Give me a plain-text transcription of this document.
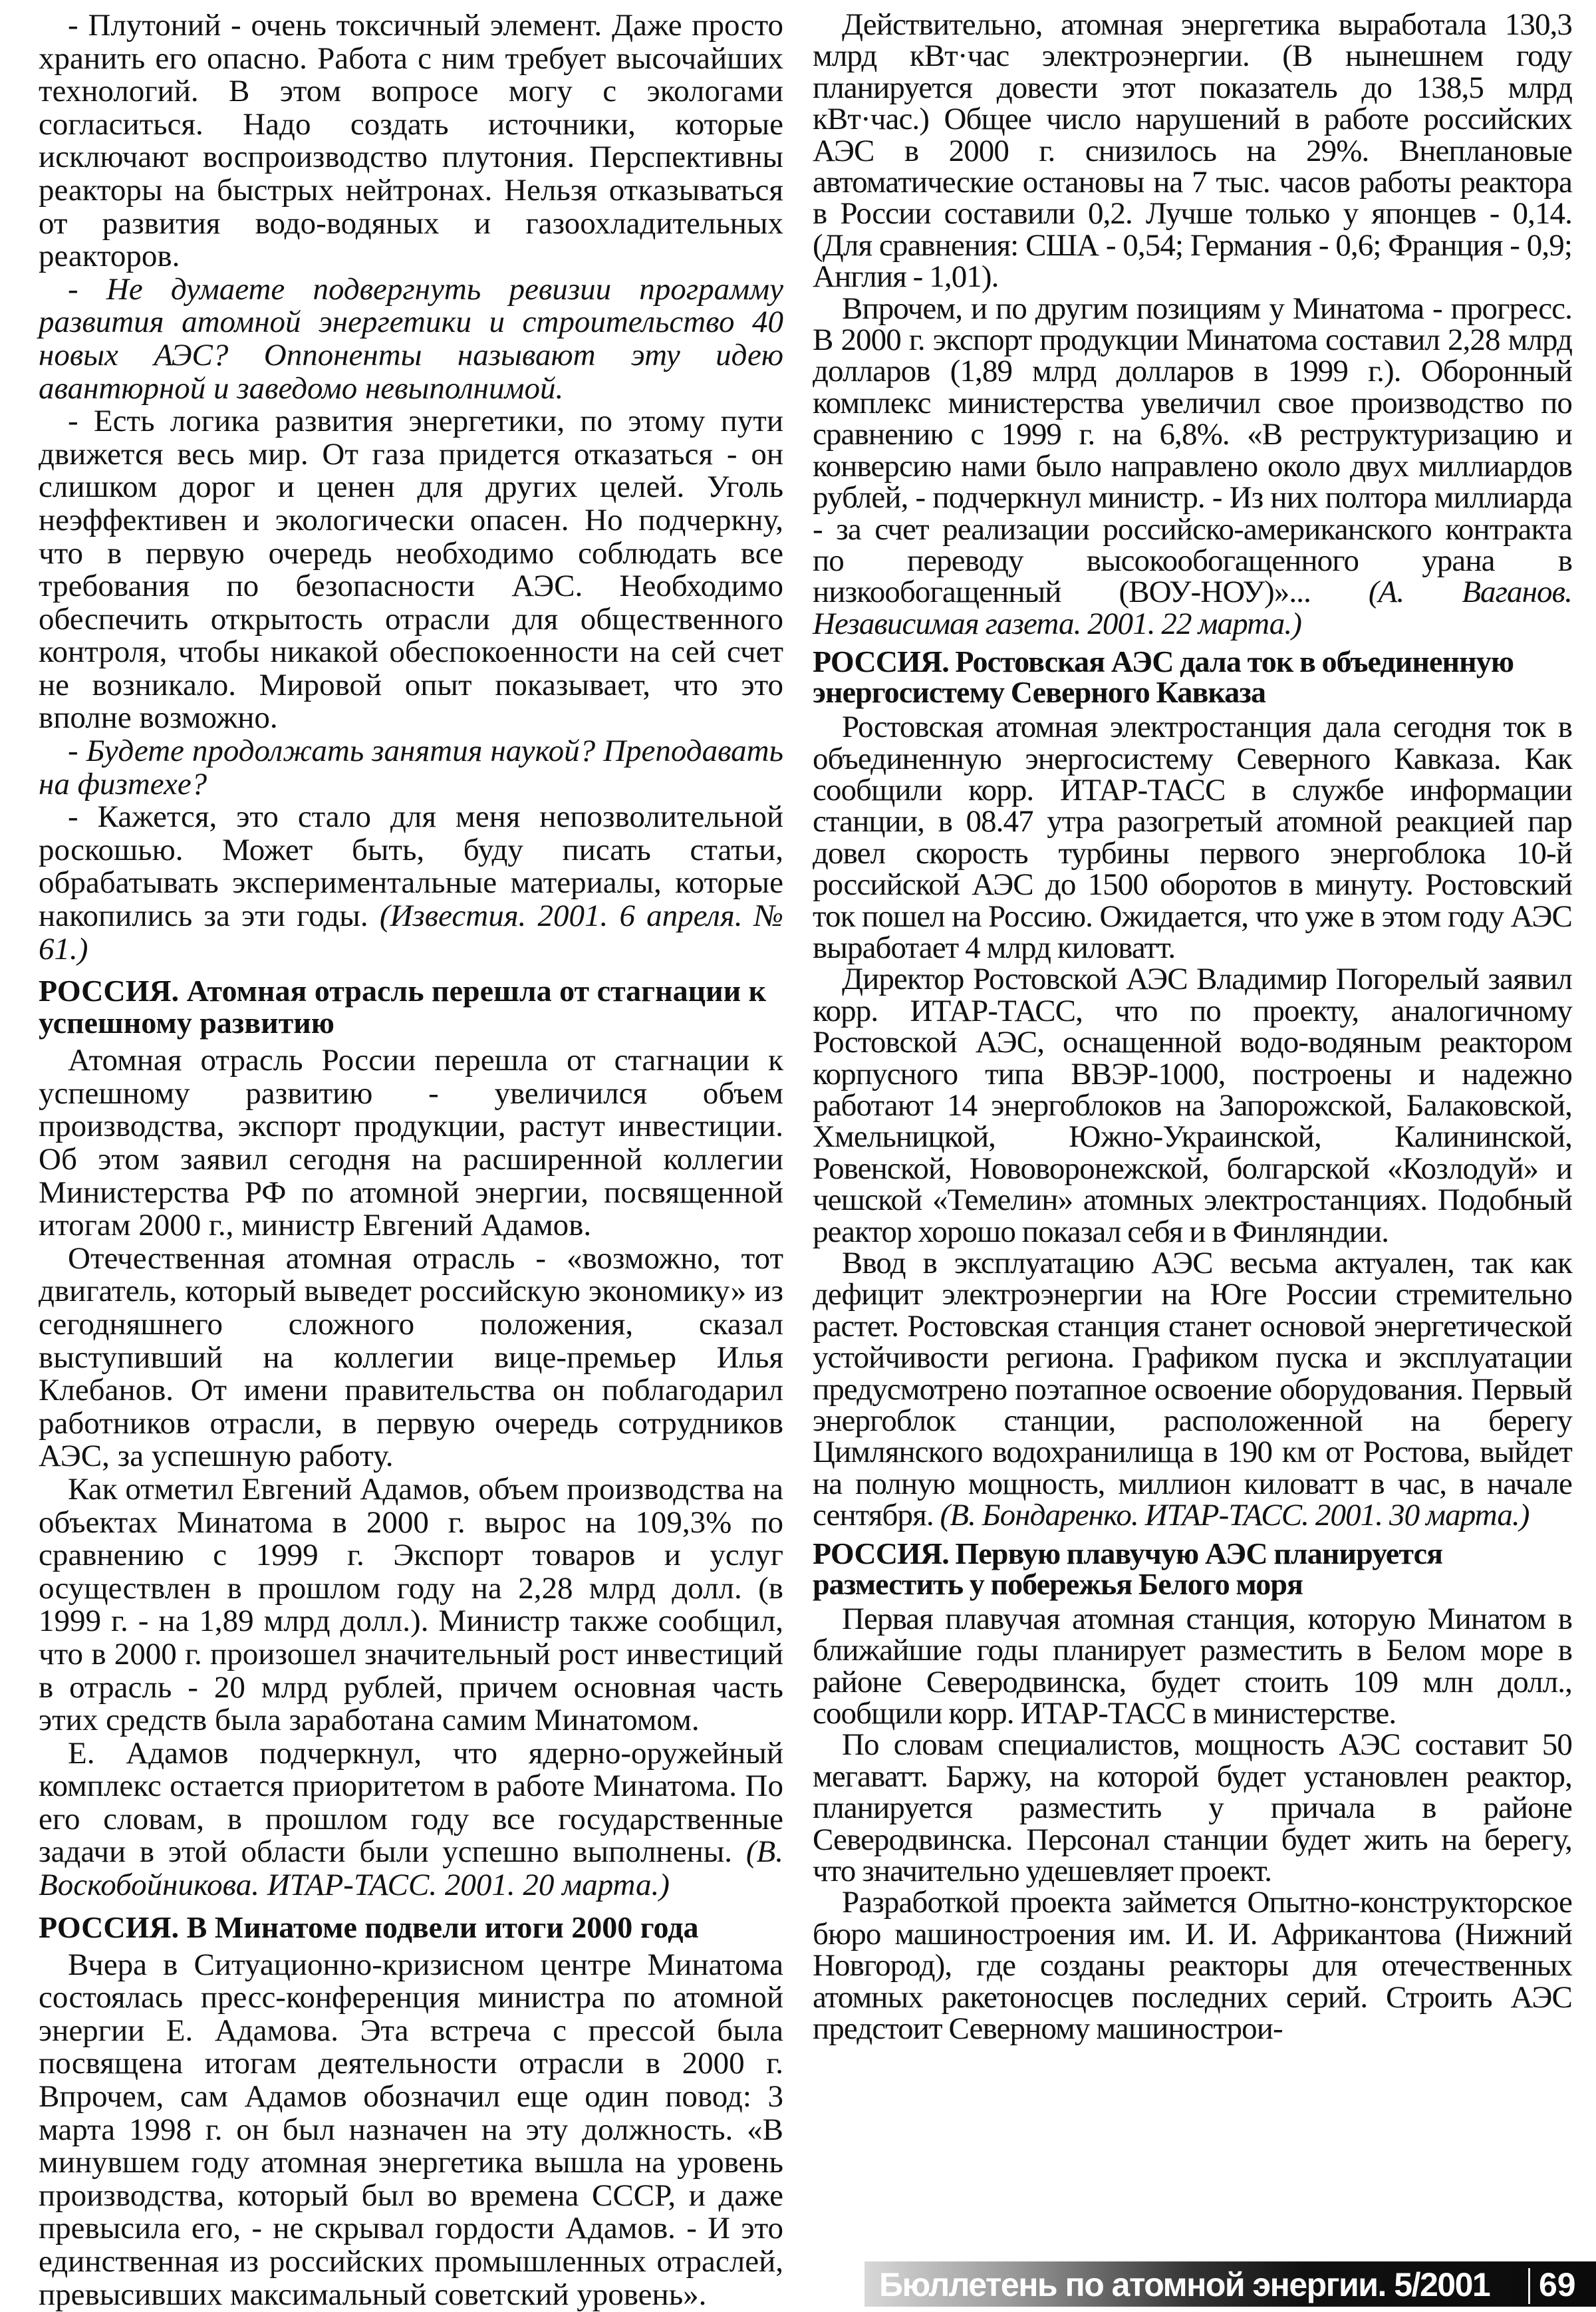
- Плутоний - очень токсичный элемент. Даже просто хранить его опасно. Работа с ним требует высочайших технологий. В этом вопросе могу с экологами согласиться. Надо создать источники, которые исключают воспроизводство плутония. Перспективны реакторы на быстрых нейтронах. Нельзя отказываться от развития водо-водяных и газоохладительных реакторов.

- Не думаете подвергнуть ревизии программу развития атомной энергетики и строительство 40 новых АЭС? Оппоненты называют эту идею авантюрной и заведомо невыполнимой.

- Есть логика развития энергетики, по этому пути движется весь мир. От газа придется отказаться - он слишком дорог и ценен для других целей. Уголь неэффективен и экологически опасен. Но подчеркну, что в первую очередь необходимо соблюдать все требования по безопасности АЭС. Необходимо обеспечить открытость отрасли для общественного контроля, чтобы никакой обеспокоенности на сей счет не возникало. Мировой опыт показывает, что это вполне возможно.

- Будете продолжать занятия наукой? Преподавать на физтехе?

- Кажется, это стало для меня непозволительной роскошью. Может быть, буду писать статьи, обрабатывать экспериментальные материалы, которые накопились за эти годы. (Известия. 2001. 6 апреля. № 61.)

РОССИЯ. Атомная отрасль перешла от стагнации к успешному развитию

Атомная отрасль России перешла от стагнации к успешному развитию - увеличился объем производства, экспорт продукции, растут инвестиции. Об этом заявил сегодня на расширенной коллегии Министерства РФ по атомной энергии, посвященной итогам 2000 г., министр Евгений Адамов.

Отечественная атомная отрасль - «возможно, тот двигатель, который выведет российскую экономику» из сегодняшнего сложного положения, сказал выступивший на коллегии вице-премьер Илья Клебанов. От имени правительства он поблагодарил работников отрасли, в первую очередь сотрудников АЭС, за успешную работу.

Как отметил Евгений Адамов, объем производства на объектах Минатома в 2000 г. вырос на 109,3% по сравнению с 1999 г. Экспорт товаров и услуг осуществлен в прошлом году на 2,28 млрд долл. (в 1999 г. - на 1,89 млрд долл.). Министр также сообщил, что в 2000 г. произошел значительный рост инвестиций в отрасль - 20 млрд рублей, причем основная часть этих средств была заработана самим Минатомом.

Е. Адамов подчеркнул, что ядерно-оружейный комплекс остается приоритетом в работе Минатома. По его словам, в прошлом году все государственные задачи в этой области были успешно выполнены. (В. Воскобойникова. ИТАР-ТАСС. 2001. 20 марта.)

РОССИЯ. В Минатоме подвели итоги 2000 года

Вчера в Ситуационно-кризисном центре Минатома состоялась пресс-конференция министра по атомной энергии Е. Адамова. Эта встреча с прессой была посвящена итогам деятельности отрасли в 2000 г. Впрочем, сам Адамов обозначил еще один повод: 3 марта 1998 г. он был назначен на эту должность. «В минувшем году атомная энергетика вышла на уровень производства, который был во времена СССР, и даже превысила его, - не скрывал гордости Адамов. - И это единственная из российских промышленных отраслей, превысивших максимальный советский уровень».

Действительно, атомная энергетика выработала 130,3 млрд кВт·час электроэнергии. (В нынешнем году планируется довести этот показатель до 138,5 млрд кВт·час.) Общее число нарушений в работе российских АЭС в 2000 г. снизилось на 29%. Внеплановые автоматические остановы на 7 тыс. часов работы реактора в России составили 0,2. Лучше только у японцев - 0,14. (Для сравнения: США - 0,54; Германия - 0,6; Франция - 0,9; Англия - 1,01).

Впрочем, и по другим позициям у Минатома - прогресс. В 2000 г. экспорт продукции Минатома составил 2,28 млрд долларов (1,89 млрд долларов в 1999 г.). Оборонный комплекс министерства увеличил свое производство по сравнению с 1999 г. на 6,8%. «В реструктуризацию и конверсию нами было направлено около двух миллиардов рублей, - подчеркнул министр. - Из них полтора миллиарда - за счет реализации российско-американского контракта по переводу высокообогащенного урана в низкообогащенный (ВОУ-НОУ)»... (А. Ваганов. Независимая газета. 2001. 22 марта.)

РОССИЯ. Ростовская АЭС дала ток в объединенную энергосистему Северного Кавказа

Ростовская атомная электростанция дала сегодня ток в объединенную энергосистему Северного Кавказа. Как сообщили корр. ИТАР-ТАСС в службе информации станции, в 08.47 утра разогретый атомной реакцией пар довел скорость турбины первого энергоблока 10-й российской АЭС до 1500 оборотов в минуту. Ростовский ток пошел на Россию. Ожидается, что уже в этом году АЭС выработает 4 млрд киловатт.

Директор Ростовской АЭС Владимир Погорелый заявил корр. ИТАР-ТАСС, что по проекту, аналогичному Ростовской АЭС, оснащенной водо-водяным реактором корпусного типа ВВЭР-1000, построены и надежно работают 14 энергоблоков на Запорожской, Балаковской, Хмельницкой, Южно-Украинской, Калининской, Ровенской, Нововоронежской, болгарской «Козлодуй» и чешской «Темелин» атомных электростанциях. Подобный реактор хорошо показал себя и в Финляндии.

Ввод в эксплуатацию АЭС весьма актуален, так как дефицит электроэнергии на Юге России стремительно растет. Ростовская станция станет основой энергетической устойчивости региона. Графиком пуска и эксплуатации предусмотрено поэтапное освоение оборудования. Первый энергоблок станции, расположенной на берегу Цимлянского водохранилища в 190 км от Ростова, выйдет на полную мощность, миллион киловатт в час, в начале сентября. (В. Бондаренко. ИТАР-ТАСС. 2001. 30 марта.)

РОССИЯ. Первую плавучую АЭС планируется разместить у побережья Белого моря

Первая плавучая атомная станция, которую Минатом в ближайшие годы планирует разместить в Белом море в районе Северодвинска, будет стоить 109 млн долл., сообщили корр. ИТАР-ТАСС в министерстве.

По словам специалистов, мощность АЭС составит 50 мегаватт. Баржу, на которой будет установлен реактор, планируется разместить у причала в районе Северодвинска. Персонал станции будет жить на берегу, что значительно удешевляет проект.

Разработкой проекта займется Опытно-конструкторское бюро машиностроения им. И. И. Африкантова (Нижний Новгород), где созданы реакторы для отечественных атомных ракетоносцев последних серий. Строить АЭС предстоит Северному машинострои-

Бюллетень по атомной энергии. 5/2001 69
